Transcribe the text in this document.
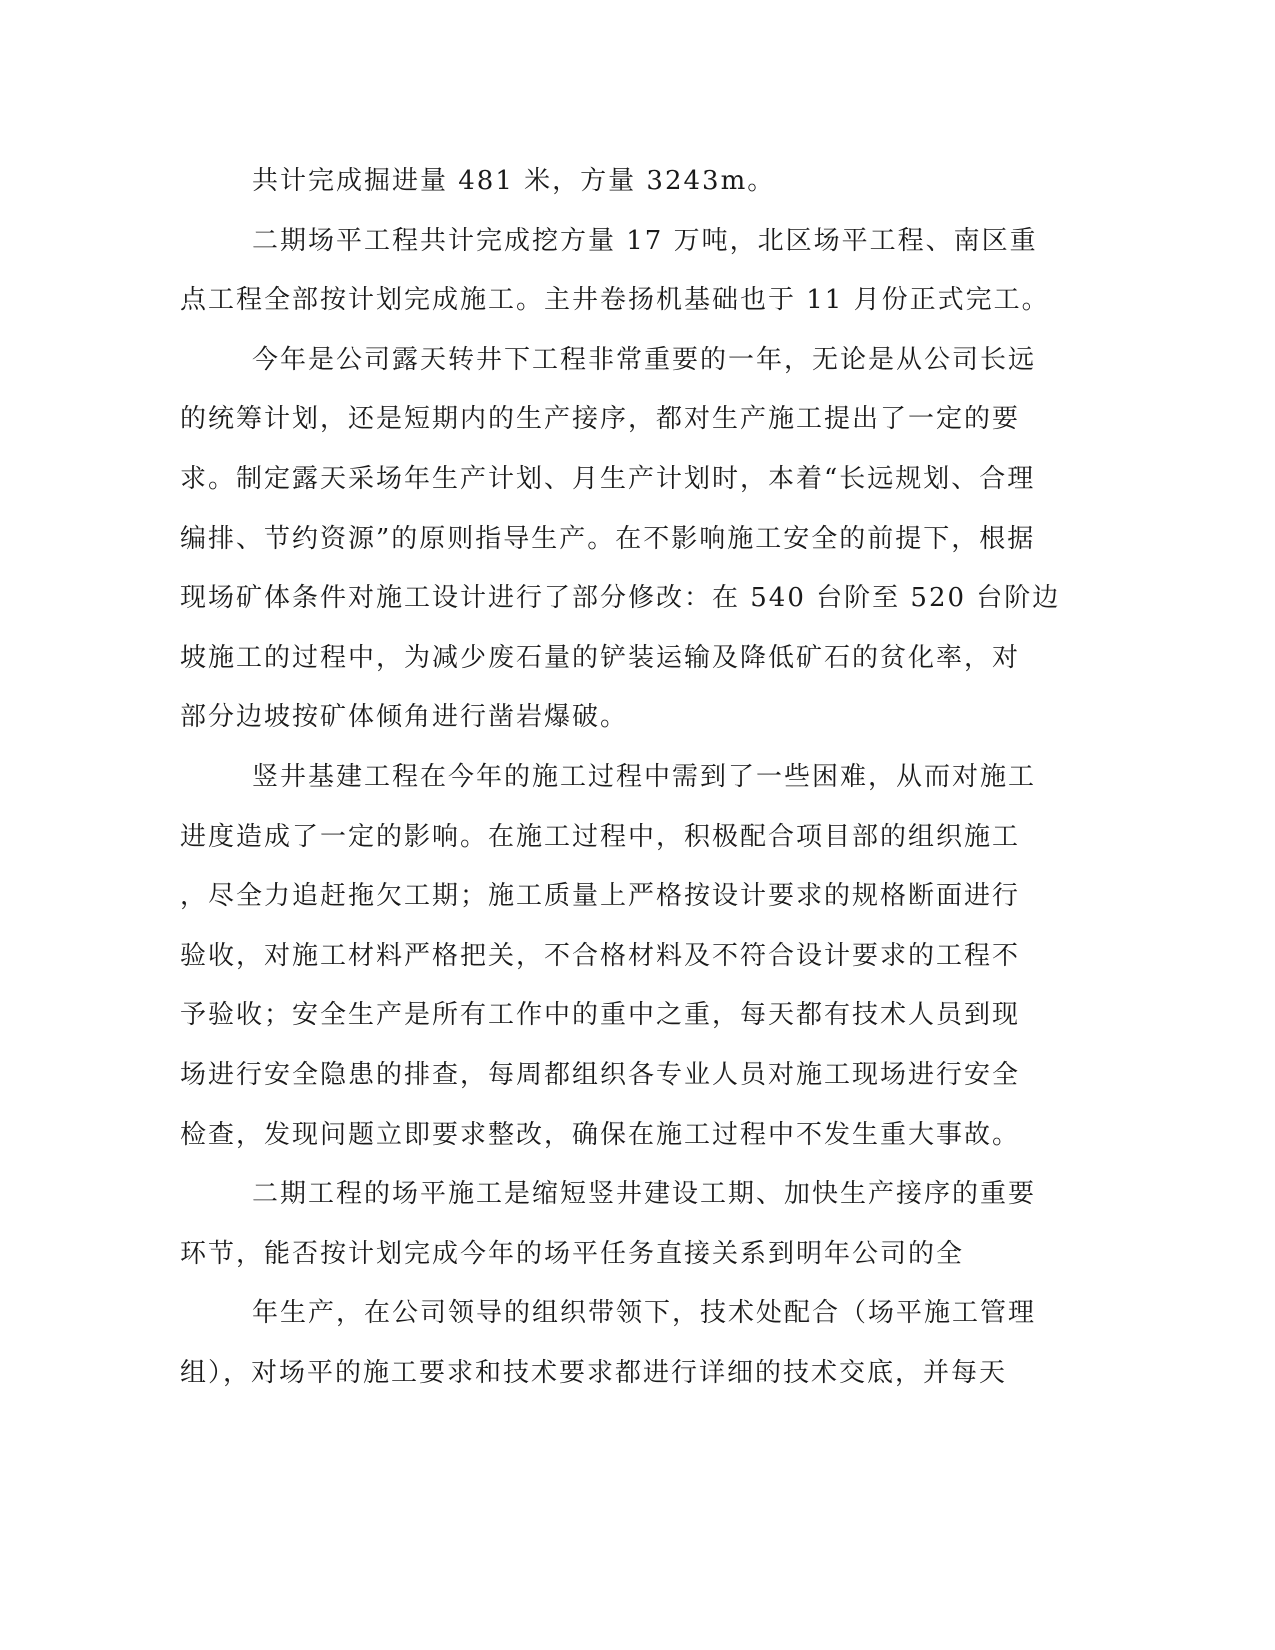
共计完成掘进量 481 米，方量 3243m。
二期场平工程共计完成挖方量 17 万吨，北区场平工程、南区重
点工程全部按计划完成施工。主井卷扬机基础也于 11 月份正式完工。
今年是公司露天转井下工程非常重要的一年，无论是从公司长远
的统筹计划，还是短期内的生产接序，都对生产施工提出了一定的要
求。制定露天采场年生产计划、月生产计划时，本着“长远规划、合理
编排、节约资源”的原则指导生产。在不影响施工安全的前提下，根据
现场矿体条件对施工设计进行了部分修改：在 540 台阶至 520 台阶边
坡施工的过程中，为减少废石量的铲装运输及降低矿石的贫化率，对
部分边坡按矿体倾角进行凿岩爆破。
竖井基建工程在今年的施工过程中需到了一些困难，从而对施工
进度造成了一定的影响。在施工过程中，积极配合项目部的组织施工
，尽全力追赶拖欠工期；施工质量上严格按设计要求的规格断面进行
验收，对施工材料严格把关，不合格材料及不符合设计要求的工程不
予验收；安全生产是所有工作中的重中之重，每天都有技术人员到现
场进行安全隐患的排查，每周都组织各专业人员对施工现场进行安全
检查，发现问题立即要求整改，确保在施工过程中不发生重大事故。
二期工程的场平施工是缩短竖井建设工期、加快生产接序的重要
环节，能否按计划完成今年的场平任务直接关系到明年公司的全
年生产，在公司领导的组织带领下，技术处配合（场平施工管理
组），对场平的施工要求和技术要求都进行详细的技术交底，并每天
